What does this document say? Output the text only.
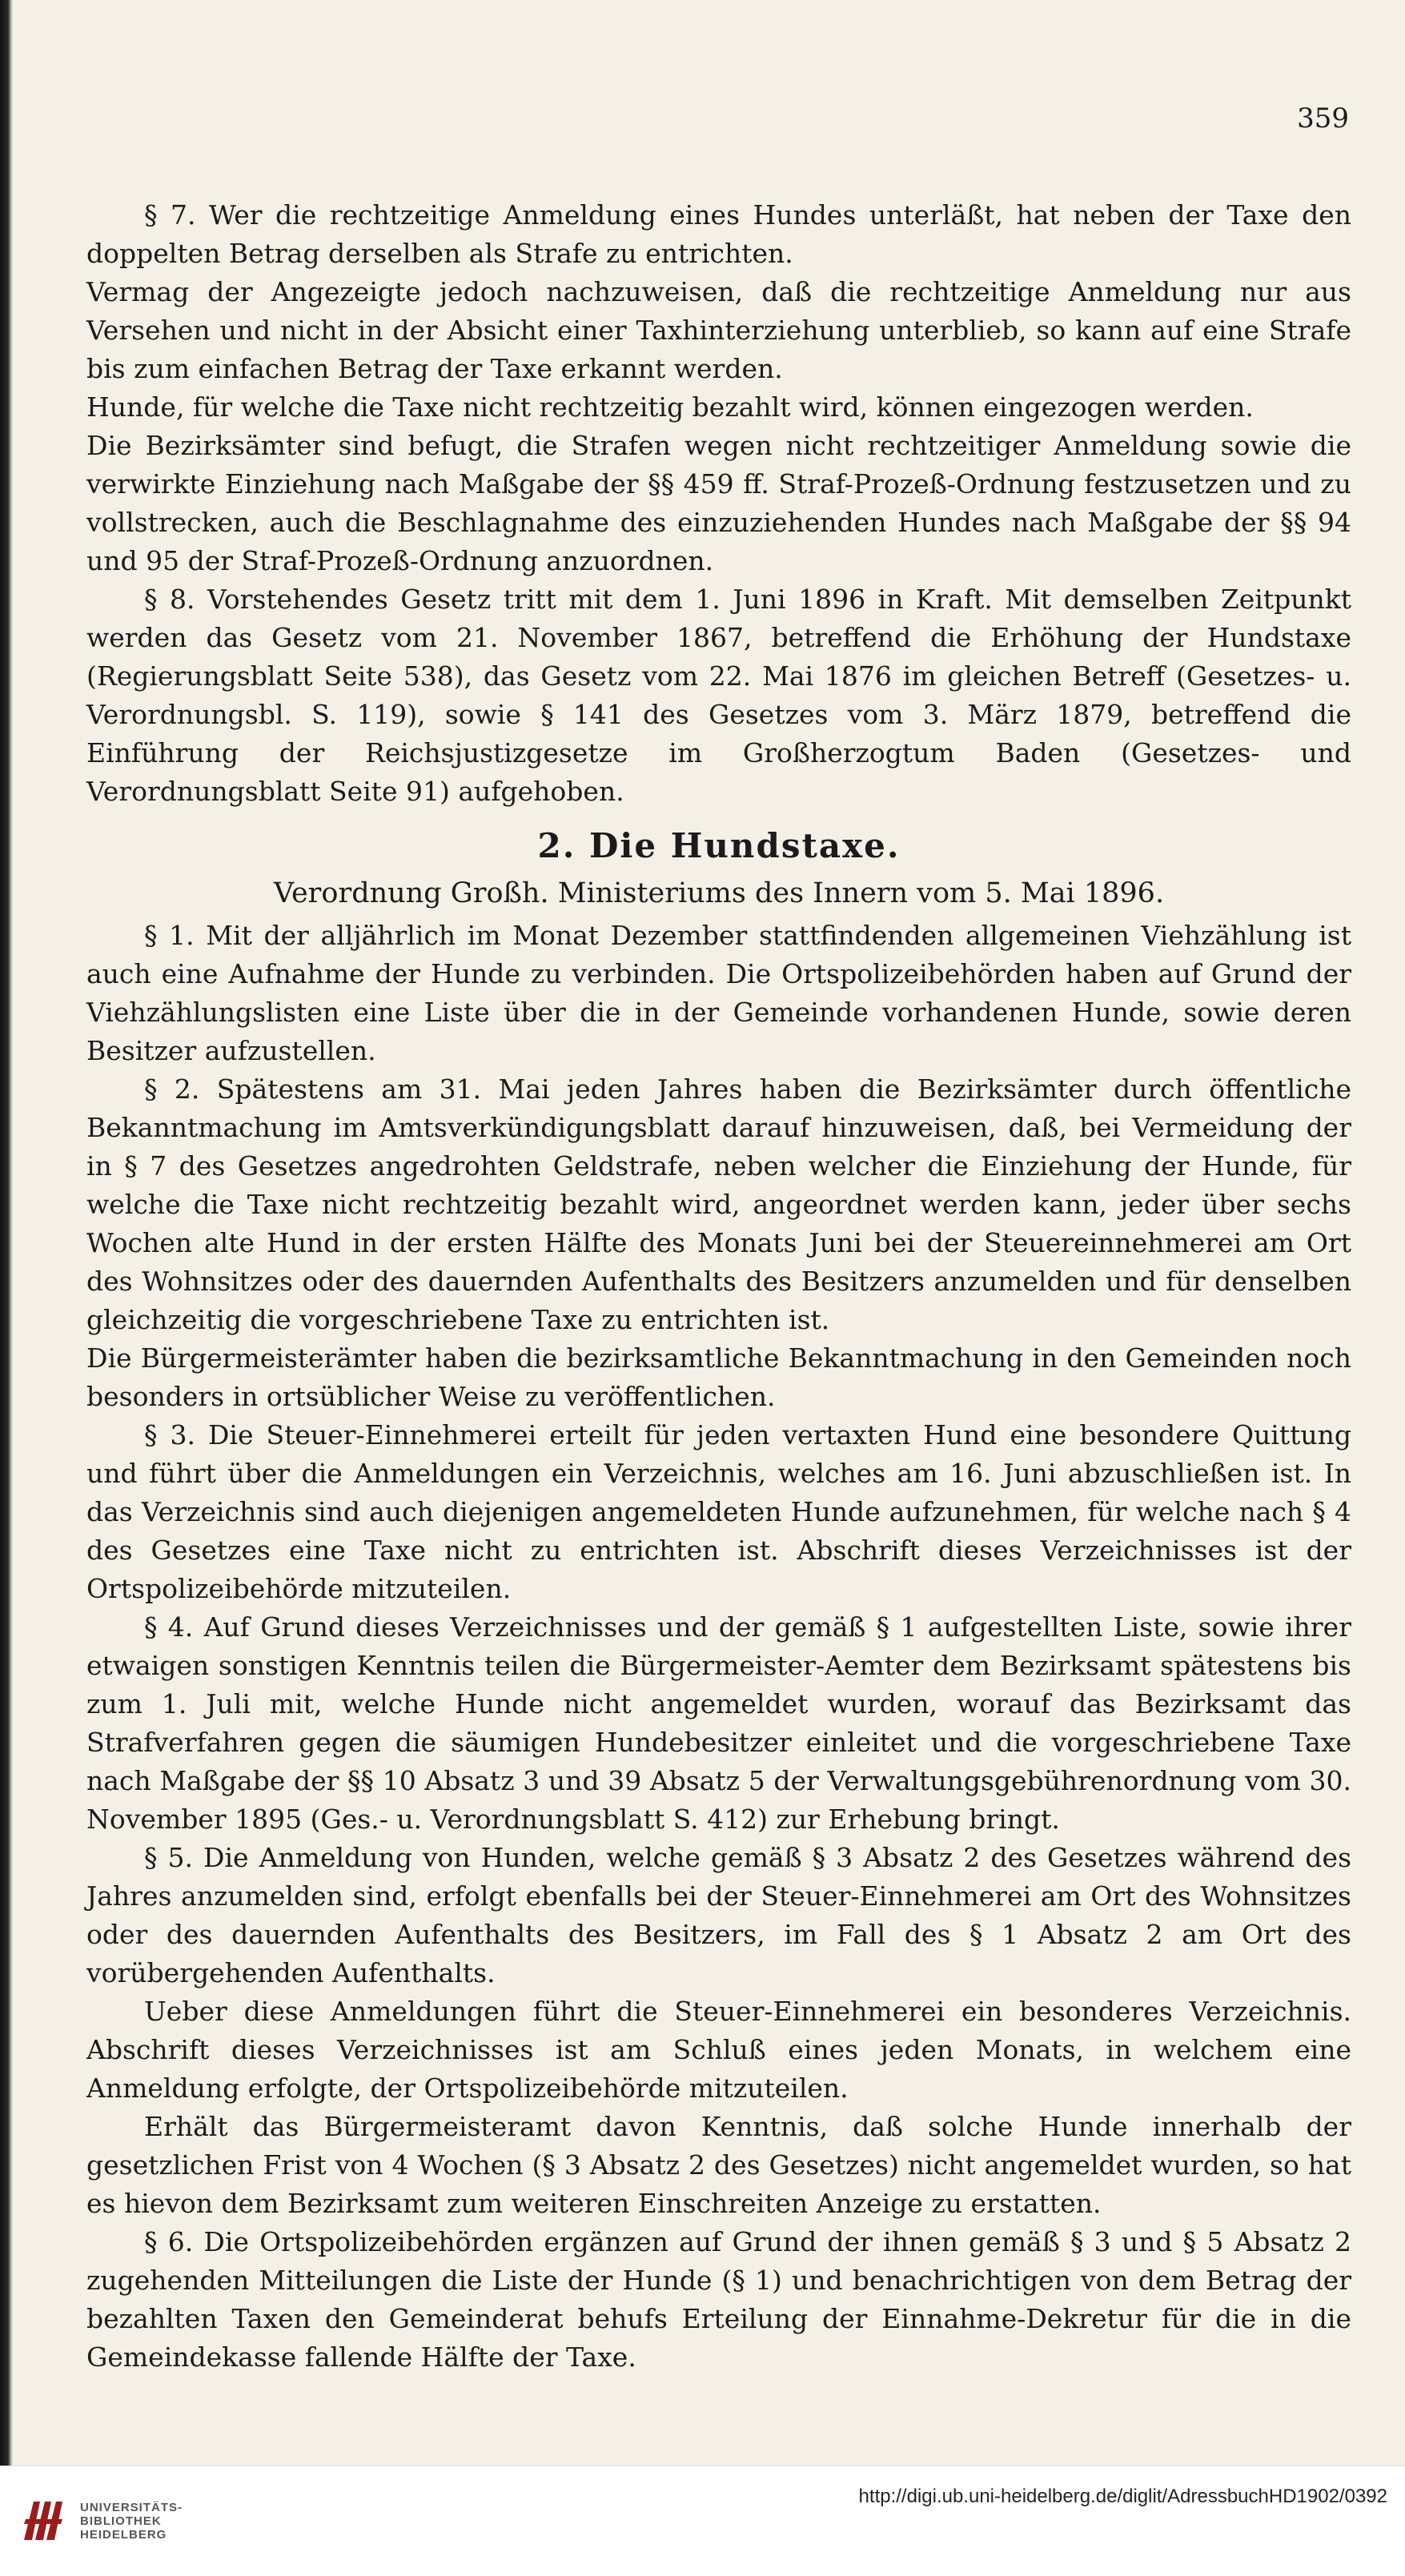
359

§ 7. Wer die rechtzeitige Anmeldung eines Hundes unterläßt, hat neben der Taxe den doppelten Betrag derselben als Strafe zu entrichten.

Vermag der Angezeigte jedoch nachzuweisen, daß die rechtzeitige Anmeldung nur aus Versehen und nicht in der Absicht einer Taxhinterziehung unterblieb, so kann auf eine Strafe bis zum einfachen Betrag der Taxe erkannt werden.

Hunde, für welche die Taxe nicht rechtzeitig bezahlt wird, können eingezogen werden.

Die Bezirksämter sind befugt, die Strafen wegen nicht rechtzeitiger Anmeldung sowie die verwirkte Einziehung nach Maßgabe der §§ 459 ff. Straf-Prozeß-Ordnung festzusetzen und zu vollstrecken, auch die Beschlagnahme des einzuziehenden Hundes nach Maßgabe der §§ 94 und 95 der Straf-Prozeß-Ordnung anzuordnen.

§ 8. Vorstehendes Gesetz tritt mit dem 1. Juni 1896 in Kraft. Mit demselben Zeitpunkt werden das Gesetz vom 21. November 1867, betreffend die Erhöhung der Hundstaxe (Regierungsblatt Seite 538), das Gesetz vom 22. Mai 1876 im gleichen Betreff (Gesetzes- u. Verordnungsbl. S. 119), sowie § 141 des Gesetzes vom 3. März 1879, betreffend die Einführung der Reichsjustizgesetze im Großherzogtum Baden (Gesetzes- und Verordnungsblatt Seite 91) aufgehoben.

2. Die Hundstaxe.
Verordnung Großh. Ministeriums des Innern vom 5. Mai 1896.

§ 1. Mit der alljährlich im Monat Dezember stattfindenden allgemeinen Viehzählung ist auch eine Aufnahme der Hunde zu verbinden. Die Ortspolizeibehörden haben auf Grund der Viehzählungslisten eine Liste über die in der Gemeinde vorhandenen Hunde, sowie deren Besitzer aufzustellen.

§ 2. Spätestens am 31. Mai jeden Jahres haben die Bezirksämter durch öffentliche Bekanntmachung im Amtsverkündigungsblatt darauf hinzuweisen, daß, bei Vermeidung der in § 7 des Gesetzes angedrohten Geldstrafe, neben welcher die Einziehung der Hunde, für welche die Taxe nicht rechtzeitig bezahlt wird, angeordnet werden kann, jeder über sechs Wochen alte Hund in der ersten Hälfte des Monats Juni bei der Steuereinnehmerei am Ort des Wohnsitzes oder des dauernden Aufenthalts des Besitzers anzumelden und für denselben gleichzeitig die vorgeschriebene Taxe zu entrichten ist.

Die Bürgermeisterämter haben die bezirksamtliche Bekanntmachung in den Gemeinden noch besonders in ortsüblicher Weise zu veröffentlichen.

§ 3. Die Steuer-Einnehmerei erteilt für jeden vertaxten Hund eine besondere Quittung und führt über die Anmeldungen ein Verzeichnis, welches am 16. Juni abzuschließen ist. In das Verzeichnis sind auch diejenigen angemeldeten Hunde aufzunehmen, für welche nach § 4 des Gesetzes eine Taxe nicht zu entrichten ist. Abschrift dieses Verzeichnisses ist der Ortspolizeibehörde mitzuteilen.

§ 4. Auf Grund dieses Verzeichnisses und der gemäß § 1 aufgestellten Liste, sowie ihrer etwaigen sonstigen Kenntnis teilen die Bürgermeister-Aemter dem Bezirksamt spätestens bis zum 1. Juli mit, welche Hunde nicht angemeldet wurden, worauf das Bezirksamt das Strafverfahren gegen die säumigen Hundebesitzer einleitet und die vorgeschriebene Taxe nach Maßgabe der §§ 10 Absatz 3 und 39 Absatz 5 der Verwaltungsgebührenordnung vom 30. November 1895 (Ges.- u. Verordnungsblatt S. 412) zur Erhebung bringt.

§ 5. Die Anmeldung von Hunden, welche gemäß § 3 Absatz 2 des Gesetzes während des Jahres anzumelden sind, erfolgt ebenfalls bei der Steuer-Einnehmerei am Ort des Wohnsitzes oder des dauernden Aufenthalts des Besitzers, im Fall des § 1 Absatz 2 am Ort des vorübergehenden Aufenthalts.

Ueber diese Anmeldungen führt die Steuer-Einnehmerei ein besonderes Verzeichnis. Abschrift dieses Verzeichnisses ist am Schluß eines jeden Monats, in welchem eine Anmeldung erfolgte, der Ortspolizeibehörde mitzuteilen.

Erhält das Bürgermeisteramt davon Kenntnis, daß solche Hunde innerhalb der gesetzlichen Frist von 4 Wochen (§ 3 Absatz 2 des Gesetzes) nicht angemeldet wurden, so hat es hievon dem Bezirksamt zum weiteren Einschreiten Anzeige zu erstatten.

§ 6. Die Ortspolizeibehörden ergänzen auf Grund der ihnen gemäß § 3 und § 5 Absatz 2 zugehenden Mitteilungen die Liste der Hunde (§ 1) und benachrichtigen von dem Betrag der bezahlten Taxen den Gemeinderat behufs Erteilung der Einnahme-Dekretur für die in die Gemeindekasse fallende Hälfte der Taxe.

UNIVERSITÄTS-
BIBLIOTHEK
HEIDELBERG
http://digi.ub.uni-heidelberg.de/diglit/AdressbuchHD1902/0392
